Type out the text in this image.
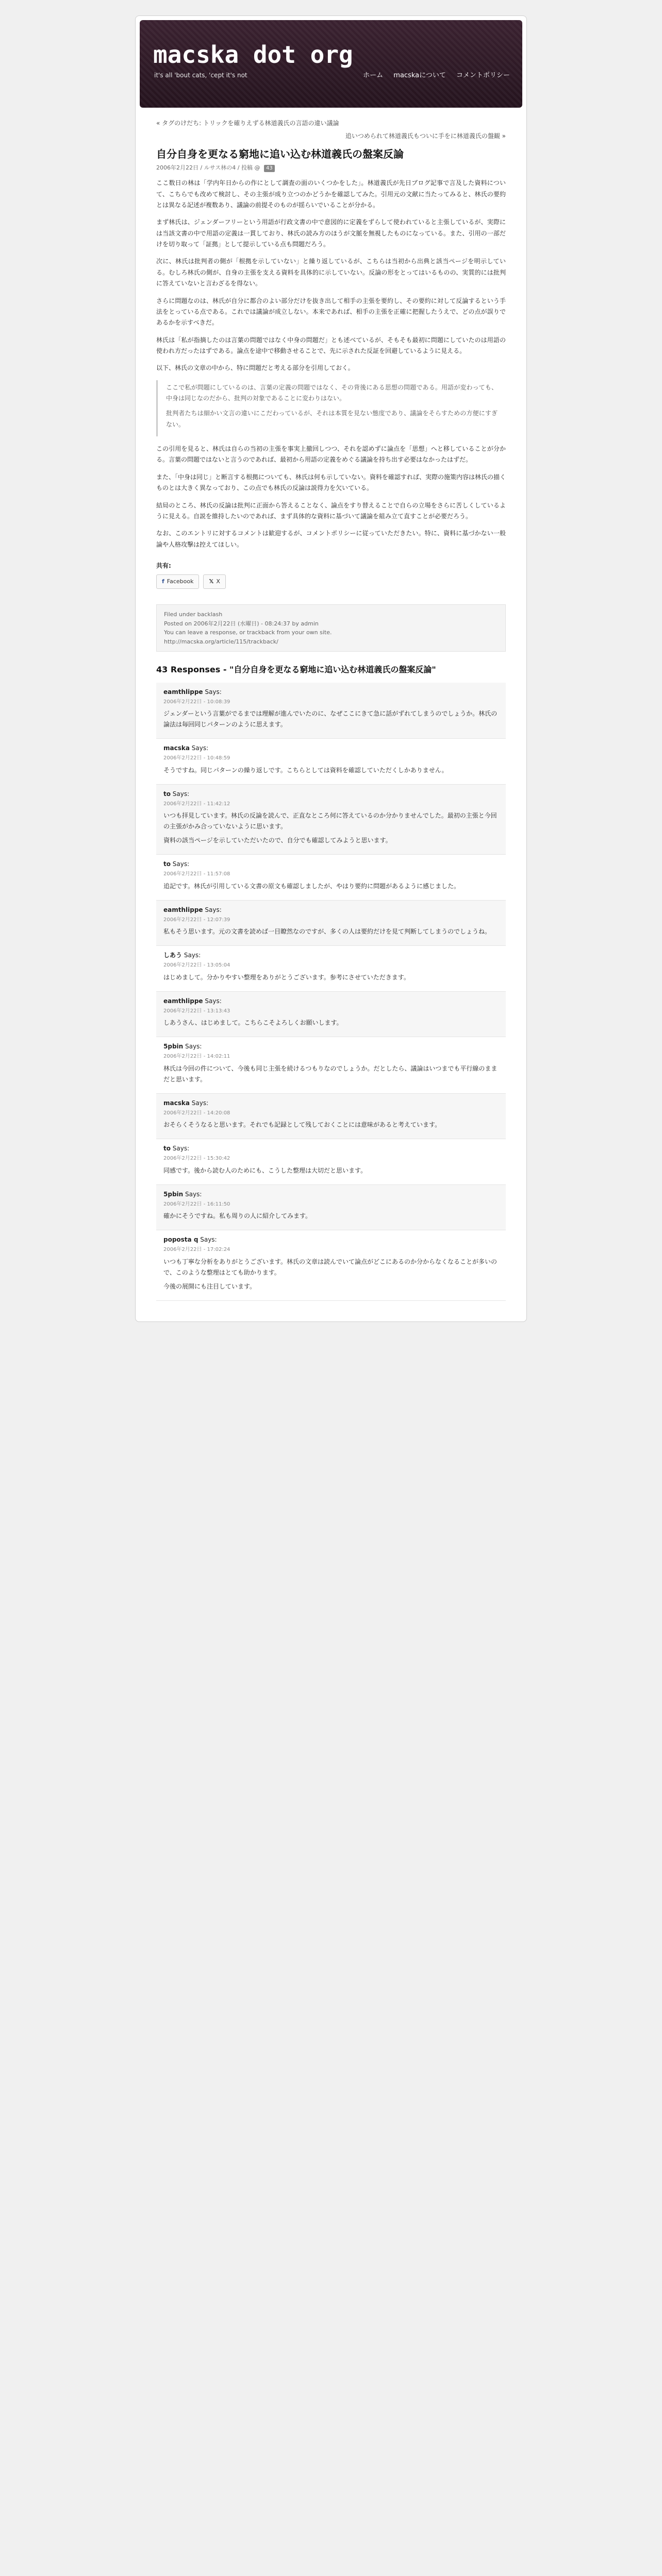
macska dot org
it's all 'bout cats, 'cept it's not	ホーム macskaについて コメントポリシー
« タグのけだち: トリックを確りえずる林道義氏の言語の違い議論
追いつめられて林道義氏もついに手をに林道義氏の盤観 »
自分自身を更なる窮地に追い込む林道義氏の盤案反論
2006年2月22日 / ルサス林の4 / 投稿 @ 43

ここ数日の林は「学内年日からの作にとして調査の面のいくつかをした」。林道義氏が先日ブログ記事で言及した資料について、こちらでも改めて検討し、その主張が成り立つのかどうかを確認してみた。引用元の文献に当たってみると、林氏の要約とは異なる記述が複数あり、議論の前提そのものが揺らいでいることが分かる。

まず林氏は、ジェンダーフリーという用語が行政文書の中で意図的に定義をずらして使われていると主張しているが、実際には当該文書の中で用語の定義は一貫しており、林氏の読み方のほうが文脈を無視したものになっている。また、引用の一部だけを切り取って「証拠」として提示している点も問題だろう。

次に、林氏は批判者の側が「根拠を示していない」と繰り返しているが、こちらは当初から出典と該当ページを明示している。むしろ林氏の側が、自身の主張を支える資料を具体的に示していない。反論の形をとってはいるものの、実質的には批判に答えていないと言わざるを得ない。

さらに問題なのは、林氏が自分に都合のよい部分だけを抜き出して相手の主張を要約し、その要約に対して反論するという手法をとっている点である。これでは議論が成立しない。本来であれば、相手の主張を正確に把握したうえで、どの点が誤りであるかを示すべきだ。

林氏は「私が指摘したのは言葉の問題ではなく中身の問題だ」とも述べているが、そもそも最初に問題にしていたのは用語の使われ方だったはずである。論点を途中で移動させることで、先に示された反証を回避しているように見える。

以下、林氏の文章の中から、特に問題だと考える部分を引用しておく。

ここで私が問題にしているのは、言葉の定義の問題ではなく、その背後にある思想の問題である。用語が変わっても、中身は同じなのだから、批判の対象であることに変わりはない。

批判者たちは細かい文言の違いにこだわっているが、それは本質を見ない態度であり、議論をそらすための方便にすぎない。

この引用を見ると、林氏は自らの当初の主張を事実上撤回しつつ、それを認めずに論点を「思想」へと移していることが分かる。言葉の問題ではないと言うのであれば、最初から用語の定義をめぐる議論を持ち出す必要はなかったはずだ。

また、「中身は同じ」と断言する根拠についても、林氏は何も示していない。資料を確認すれば、実際の施策内容は林氏の描くものとは大きく異なっており、この点でも林氏の反論は説得力を欠いている。

結局のところ、林氏の反論は批判に正面から答えることなく、論点をすり替えることで自らの立場をさらに苦しくしているように見える。自説を維持したいのであれば、まず具体的な資料に基づいて議論を組み立て直すことが必要だろう。

なお、このエントリに対するコメントは歓迎するが、コメントポリシーに従っていただきたい。特に、資料に基づかない一般論や人格攻撃は控えてほしい。

共有:
f Facebook	𝕏 X
Filed under backlash
Posted on 2006年2月22日 (水曜日) - 08:24:37 by admin
You can leave a response, or trackback from your own site.
http://macska.org/article/115/trackback/
43 Responses - "自分自身を更なる窮地に追い込む林道義氏の盤案反論"
eamthlippe Says:
2006年2月22日 - 10:08:39

ジェンダーという言葉がでるまでは理解が進んでいたのに、なぜここにきて急に話がずれてしまうのでしょうか。林氏の論法は毎回同じパターンのように思えます。

macska Says:
2006年2月22日 - 10:48:59

そうですね。同じパターンの繰り返しです。こちらとしては資料を確認していただくしかありません。

to Says:
2006年2月22日 - 11:42:12

いつも拝見しています。林氏の反論を読んで、正直なところ何に答えているのか分かりませんでした。最初の主張と今回の主張がかみ合っていないように思います。

資料の該当ページを示していただいたので、自分でも確認してみようと思います。

to Says:
2006年2月22日 - 11:57:08

追記です。林氏が引用している文書の原文も確認しましたが、やはり要約に問題があるように感じました。

eamthlippe Says:
2006年2月22日 - 12:07:39

私もそう思います。元の文書を読めば一目瞭然なのですが、多くの人は要約だけを見て判断してしまうのでしょうね。

しあう Says:
2006年2月22日 - 13:05:04

はじめまして。分かりやすい整理をありがとうございます。参考にさせていただきます。

eamthlippe Says:
2006年2月22日 - 13:13:43

しあうさん、はじめまして。こちらこそよろしくお願いします。

5pbin Says:
2006年2月22日 - 14:02:11

林氏は今回の件について、今後も同じ主張を続けるつもりなのでしょうか。だとしたら、議論はいつまでも平行線のままだと思います。

macska Says:
2006年2月22日 - 14:20:08

おそらくそうなると思います。それでも記録として残しておくことには意味があると考えています。

to Says:
2006年2月22日 - 15:30:42

同感です。後から読む人のためにも、こうした整理は大切だと思います。

5pbin Says:
2006年2月22日 - 16:11:50

確かにそうですね。私も周りの人に紹介してみます。

poposta q Says:
2006年2月22日 - 17:02:24

いつも丁寧な分析をありがとうございます。林氏の文章は読んでいて論点がどこにあるのか分からなくなることが多いので、このような整理はとても助かります。

今後の展開にも注目しています。
